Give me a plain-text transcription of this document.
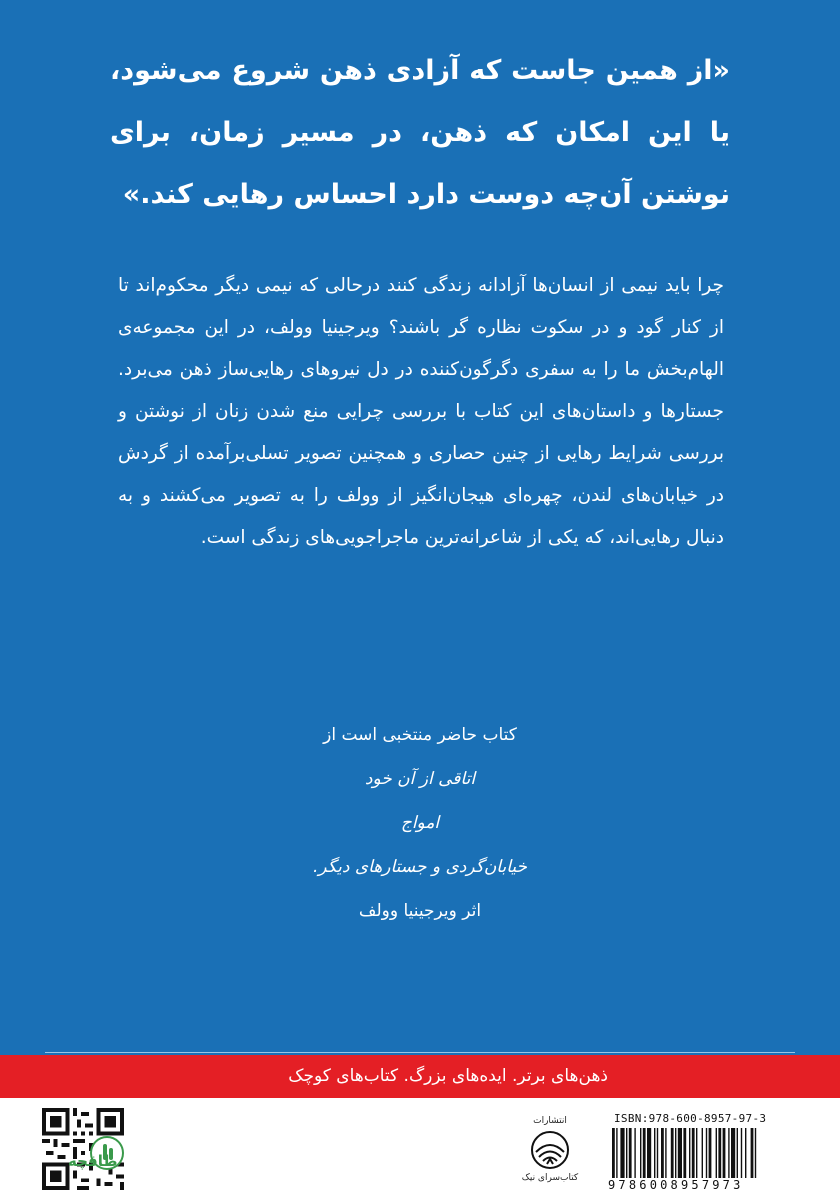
«از همین جاست که آزادی ذهن شروع می‌شود، یا این امکان که ذهن، در مسیر زمان، برای نوشتن آن‌چه دوست دارد احساس رهایی کند.»
چرا باید نیمی از انسان‌ها آزادانه زندگی کنند درحالی که نیمی دیگر محکوم‌اند تا از کنار گود و در سکوت نظاره گر باشند؟ ویرجینیا وولف، در این مجموعه‌ی الهام‌بخش ما را به سفری دگرگون‌کننده در دل نیروهای رهایی‌ساز ذهن می‌برد. جستارها و داستان‌های این کتاب با بررسی چرایی منع شدن زنان از نوشتن و بررسی شرایط رهایی از چنین حصاری و همچنین تصویر تسلی‌برآمده از گردش در خیابان‌های لندن، چهره‌ای هیجان‌انگیز از وولف را به تصویر می‌کشند و به دنبال رهایی‌اند، که یکی از شاعرانه‌ترین ماجراجویی‌های زندگی است.
کتاب حاضر منتخبی است از
اتاقی از آن خود
امواج
خیابان‌گردی و جستارهای دیگر.
اثر ویرجینیا وولف
ذهن‌های برتر. ایده‌های بزرگ. کتاب‌های کوچک
طاقچه
انتشارات
کتاب‌سرای نیک
ISBN:978-600-8957-97-3
9786008957973
